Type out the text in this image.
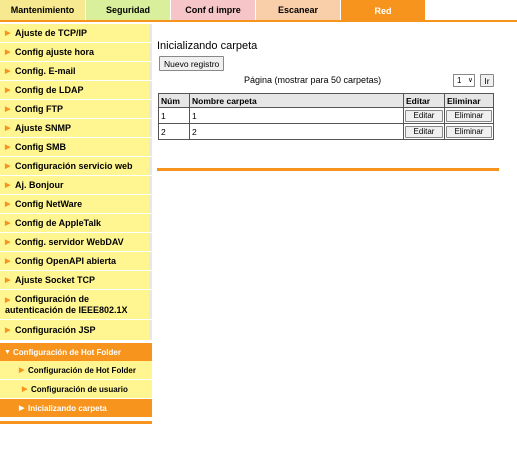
Mantenimiento	Seguridad	Conf d impre	Escanear	Red
▶ Ajuste de TCP/IP
▶ Config ajuste hora
▶ Config. E-mail
▶ Config de LDAP
▶ Config FTP
▶ Ajuste SNMP
▶ Config SMB
▶ Configuración servicio web
▶ Aj. Bonjour
▶ Config NetWare
▶ Config de AppleTalk
▶ Config. servidor WebDAV
▶ Config OpenAPI abierta
▶ Ajuste Socket TCP
▶ Configuración de autenticación de IEEE802.1X
▶ Configuración JSP
▼ Configuración de Hot Folder
▶ Configuración de Hot Folder
▶ Configuración de usuario
▶ Inicializando carpeta
Inicializando carpeta
Nuevo registro
Página (mostrar para 50 carpetas)	1 ∨	Ir
Núm	Nombre carpeta	Editar	Eliminar
1	1	Editar	Eliminar
2	2	Editar	Eliminar
